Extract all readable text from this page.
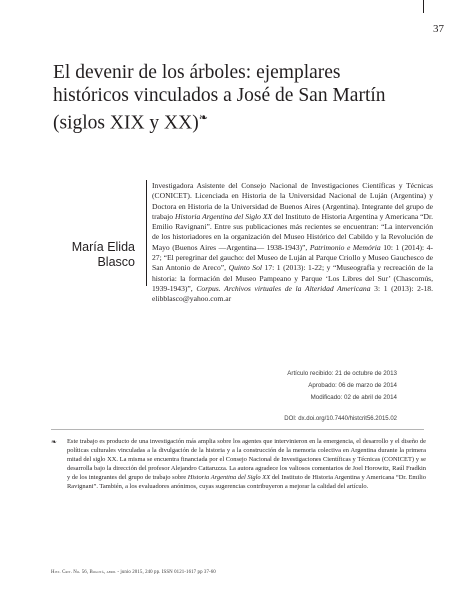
37
El devenir de los árboles: ejemplares
históricos vinculados a José de San Martín
(siglos XIX y XX)❧
María Elida
Blasco
Investigadora Asistente del Consejo Nacional de Investigaciones Científicas y Técnicas (CONICET). Licenciada en Historia de la Universidad Nacional de Luján (Argentina) y Doctora en Historia de la Universidad de Buenos Aires (Argentina). Integrante del grupo de trabajo Historia Argentina del Siglo XX del Instituto de Historia Argentina y Americana “Dr. Emilio Ravignani”. Entre sus publicaciones más recientes se encuentran: “La intervención de los historiadores en la organización del Museo Histórico del Cabildo y la Revolución de Mayo (Buenos Aires —Argentina— 1938-1943)”, Patrimonio e Memória 10: 1 (2014): 4-27; “El peregrinar del gaucho: del Museo de Luján al Parque Criollo y Museo Gauchesco de San Antonio de Areco”, Quinto Sol 17: 1 (2013): 1-22; y “Museografía y recreación de la historia: la formación del Museo Pampeano y Parque ‘Los Libres del Sur’ (Chascomús, 1939-1943)”, Corpus. Archivos virtuales de la Alteridad Americana 3: 1 (2013): 2-18. elibblasco@yahoo.com.ar
Artículo recibido: 21 de octubre de 2013
Aprobado: 06 de marzo de 2014
Modificado: 02 de abril de 2014
DOI: dx.doi.org/10.7440/histcrit56.2015.02
❧ Este trabajo es producto de una investigación más amplia sobre los agentes que intervinieron en la emergencia, el desarrollo y el diseño de políticas culturales vinculadas a la divulgación de la historia y a la construcción de la memoria colectiva en Argentina durante la primera mitad del siglo XX. La misma se encuentra financiada por el Consejo Nacional de Investigaciones Científicas y Técnicas (CONICET) y se desarrolla bajo la dirección del profesor Alejandro Cattaruzza. La autora agradece los valiosos comentarios de Joel Horowitz, Raúl Fradkin y de los integrantes del grupo de trabajo sobre Historia Argentina del Siglo XX del Instituto de Historia Argentina y Americana “Dr. Emilio Ravignani”. También, a los evaluadores anónimos, cuyas sugerencias contribuyeron a mejorar la calidad del artículo.
Hist. Crit. No. 56, Bogotá, abril - junio 2015, 240 pp. ISSN 0121-1617 pp 37-60
